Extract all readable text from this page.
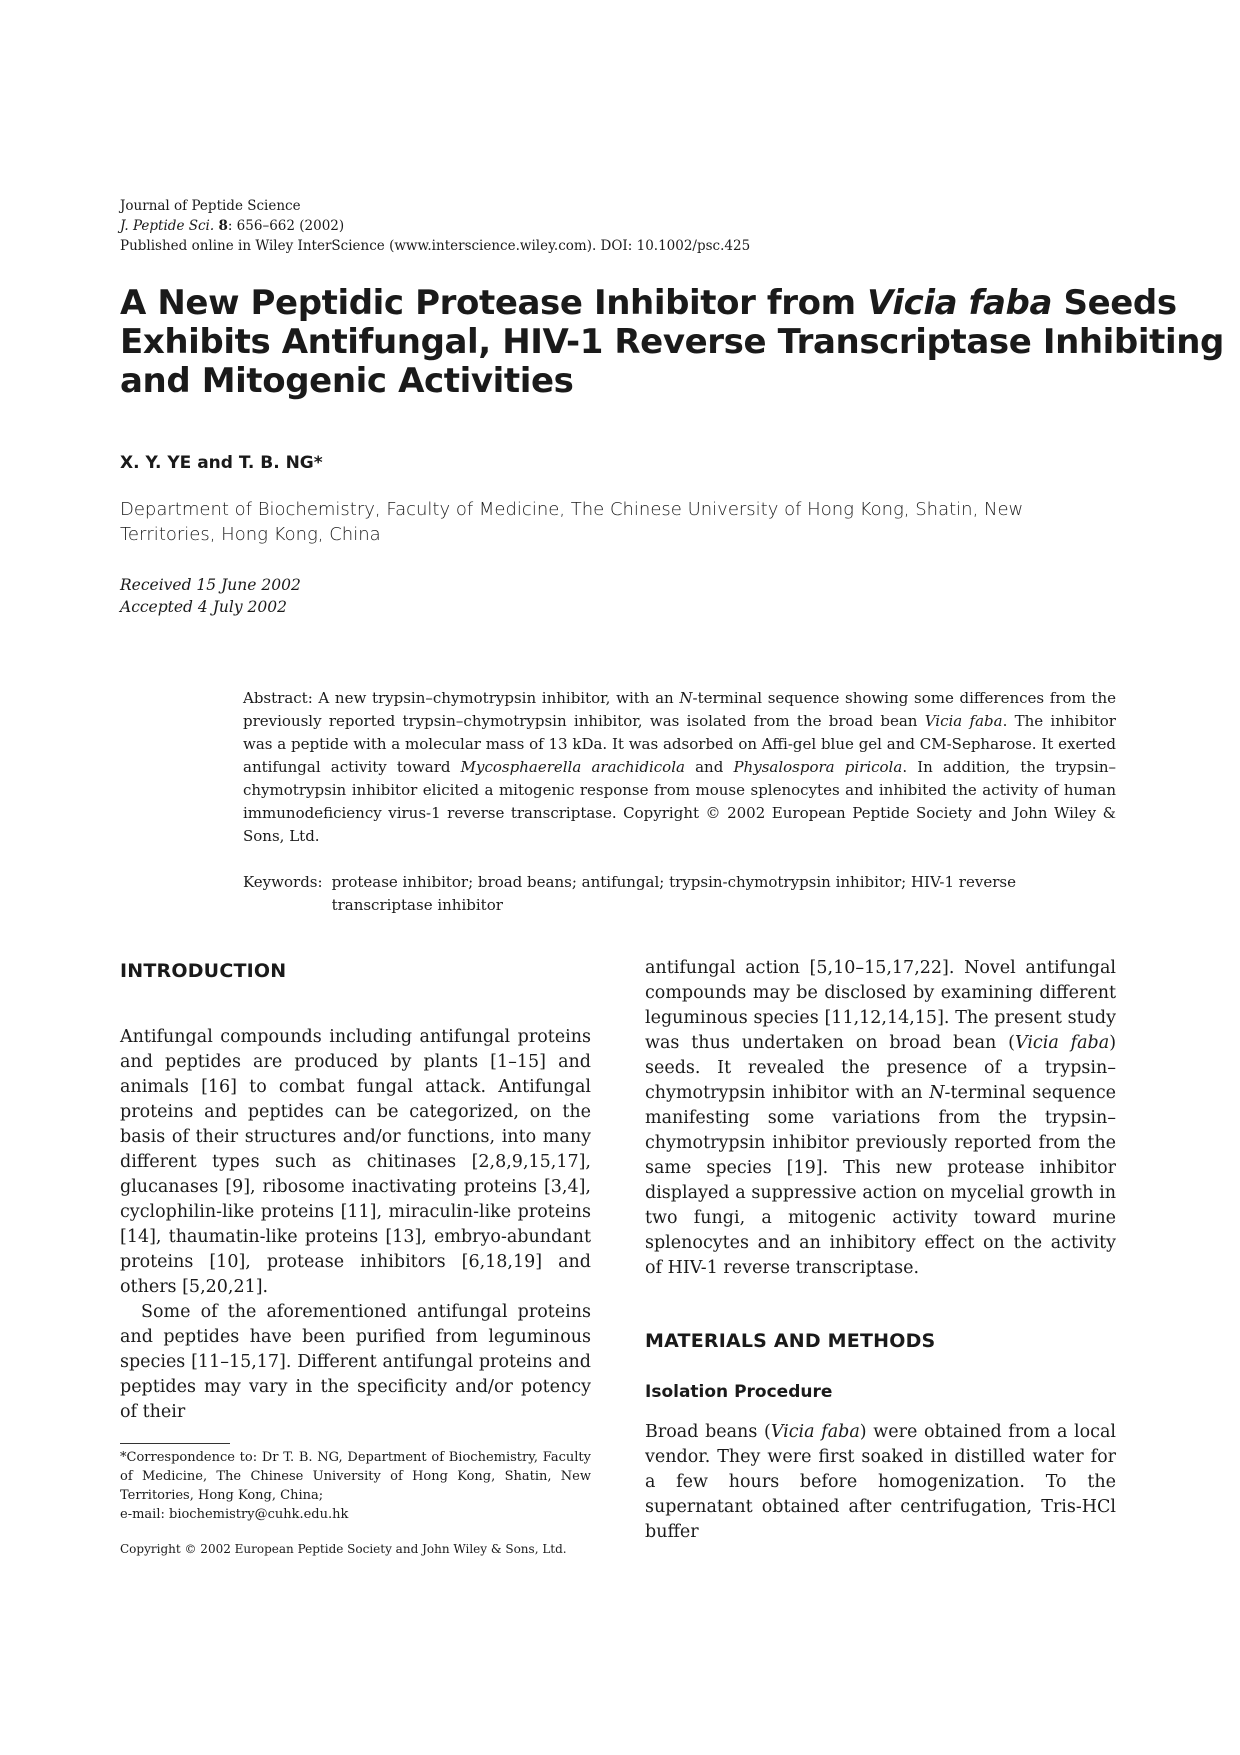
Journal of Peptide Science
J. Peptide Sci. 8: 656–662 (2002)
Published online in Wiley InterScience (www.interscience.wiley.com). DOI: 10.1002/psc.425
A New Peptidic Protease Inhibitor from Vicia faba Seeds
Exhibits Antifungal, HIV-1 Reverse Transcriptase Inhibiting
and Mitogenic Activities
X. Y. YE and T. B. NG*
Department of Biochemistry, Faculty of Medicine, The Chinese University of Hong Kong, Shatin, New Territories, Hong Kong, China
Received 15 June 2002
Accepted 4 July 2002

Abstract: A new trypsin–chymotrypsin inhibitor, with an N-terminal sequence showing some differences from the previously reported trypsin–chymotrypsin inhibitor, was isolated from the broad bean Vicia faba. The inhibitor was a peptide with a molecular mass of 13 kDa. It was adsorbed on Affi-gel blue gel and CM-Sepharose. It exerted antifungal activity toward Mycosphaerella arachidicola and Physalospora piricola. In addition, the trypsin–chymotrypsin inhibitor elicited a mitogenic response from mouse splenocytes and inhibited the activity of human immunodeficiency virus-1 reverse transcriptase. Copyright © 2002 European Peptide Society and John Wiley & Sons, Ltd.

Keywords: protease inhibitor; broad beans; antifungal; trypsin-chymotrypsin inhibitor; HIV-1 reverse transcriptase inhibitor
INTRODUCTION

Antifungal compounds including antifungal proteins and peptides are produced by plants [1–15] and animals [16] to combat fungal attack. Antifungal proteins and peptides can be categorized, on the basis of their structures and/or functions, into many different types such as chitinases [2,8,9,15,17], glucanases [9], ribosome inactivating proteins [3,4], cyclophilin-like proteins [11], miraculin-like proteins [14], thaumatin-like proteins [13], embryo-abundant proteins [10], protease inhibitors [6,18,19] and others [5,20,21].

Some of the aforementioned antifungal proteins and peptides have been purified from leguminous species [11–15,17]. Different antifungal proteins and peptides may vary in the specificity and/or potency of their

antifungal action [5,10–15,17,22]. Novel antifungal compounds may be disclosed by examining different leguminous species [11,12,14,15]. The present study was thus undertaken on broad bean (Vicia faba) seeds. It revealed the presence of a trypsin–chymotrypsin inhibitor with an N-terminal sequence manifesting some variations from the trypsin–chymotrypsin inhibitor previously reported from the same species [19]. This new protease inhibitor displayed a suppressive action on mycelial growth in two fungi, a mitogenic activity toward murine splenocytes and an inhibitory effect on the activity of HIV-1 reverse transcriptase.

MATERIALS AND METHODS
Isolation Procedure

Broad beans (Vicia faba) were obtained from a local vendor. They were first soaked in distilled water for a few hours before homogenization. To the supernatant obtained after centrifugation, Tris-HCl buffer

*Correspondence to: Dr T. B. NG, Department of Biochemistry, Faculty of Medicine, The Chinese University of Hong Kong, Shatin, New Territories, Hong Kong, China;

e-mail: biochemistry@cuhk.edu.hk

Copyright © 2002 European Peptide Society and John Wiley & Sons, Ltd.
